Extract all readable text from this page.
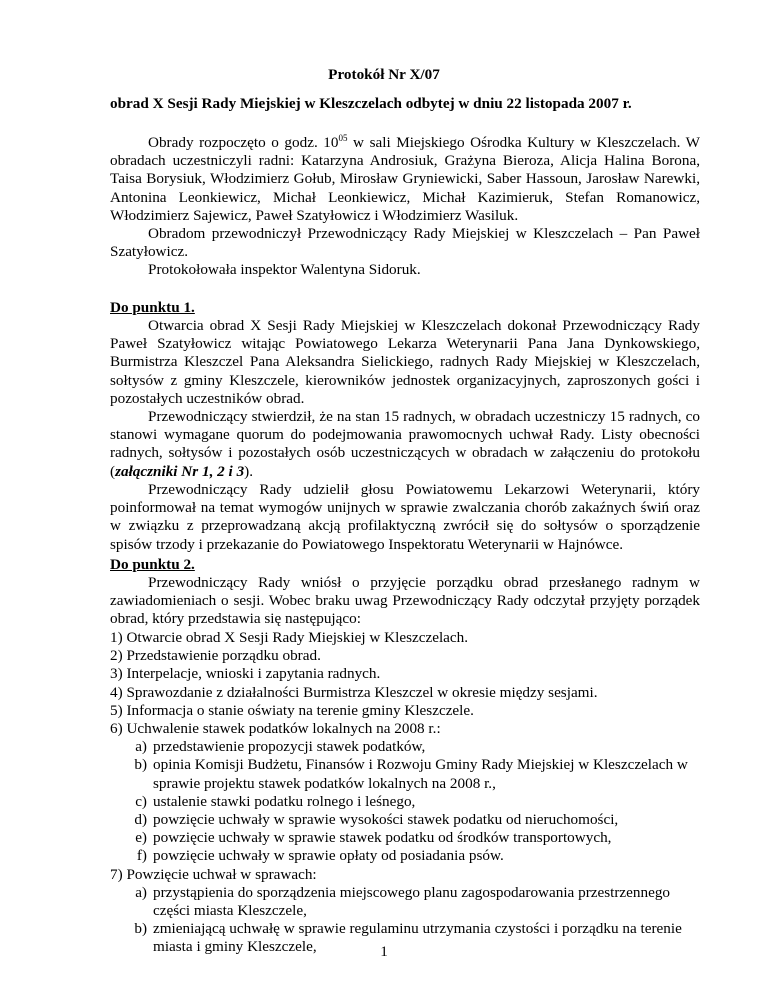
Protokół Nr X/07
obrad X Sesji Rady Miejskiej w Kleszczelach odbytej w dniu 22 listopada 2007 r.
Obrady rozpoczęto o godz. $10^{05}$ w sali Miejskiego Ośrodka Kultury w Kleszczelach. W obradach uczestniczyli radni: Katarzyna Androsiuk, Grażyna Bieroza, Alicja Halina Borona, Taisa Borysiuk, Włodzimierz Gołub, Mirosław Gryniewicki, Saber Hassoun, Jarosław Narewki, Antonina Leonkiewicz, Michał Leonkiewicz, Michał Kazimieruk, Stefan Romanowicz, Włodzimierz Sajewicz, Paweł Szatyłowicz i Włodzimierz Wasiluk.
Obradom przewodniczył Przewodniczący Rady Miejskiej w Kleszczelach – Pan Paweł Szatyłowicz.
Protokołowała inspektor Walentyna Sidoruk.
Do punktu 1.
Otwarcia obrad X Sesji Rady Miejskiej w Kleszczelach dokonał Przewodniczący Rady Paweł Szatyłowicz witając Powiatowego Lekarza Weterynarii Pana Jana Dynkowskiego, Burmistrza Kleszczel Pana Aleksandra Sielickiego, radnych Rady Miejskiej w Kleszczelach, sołtysów z gminy Kleszczele, kierowników jednostek organizacyjnych, zaproszonych gości i pozostałych uczestników obrad.
Przewodniczący stwierdził, że na stan 15 radnych, w obradach uczestniczy 15 radnych, co stanowi wymagane quorum do podejmowania prawomocnych uchwał Rady. Listy obecności radnych, sołtysów i pozostałych osób uczestniczących w obradach w załączeniu do protokołu (załączniki Nr 1, 2 i 3).
Przewodniczący Rady udzielił głosu Powiatowemu Lekarzowi Weterynarii, który poinformował na temat wymogów unijnych w sprawie zwalczania chorób zakaźnych świń oraz w związku z przeprowadzaną akcją profilaktyczną zwrócił się do sołtysów o sporządzenie spisów trzody i przekazanie do Powiatowego Inspektoratu Weterynarii w Hajnówce.
Do punktu 2.
Przewodniczący Rady wniósł o przyjęcie porządku obrad przesłanego radnym w zawiadomieniach o sesji. Wobec braku uwag Przewodniczący Rady odczytał przyjęty porządek obrad, który przedstawia się następująco:
1) Otwarcie obrad X Sesji Rady Miejskiej w Kleszczelach.
2) Przedstawienie porządku obrad.
3) Interpelacje, wnioski i zapytania radnych.
4) Sprawozdanie z działalności Burmistrza Kleszczel w okresie między sesjami.
5) Informacja o stanie oświaty na terenie gminy Kleszczele.
6) Uchwalenie stawek podatków lokalnych na 2008 r.:
a) przedstawienie propozycji stawek podatków,
b) opinia Komisji Budżetu, Finansów i Rozwoju Gminy Rady Miejskiej w Kleszczelach w sprawie projektu stawek podatków lokalnych na 2008 r.,
c) ustalenie stawki podatku rolnego i leśnego,
d) powzięcie uchwały w sprawie wysokości stawek podatku od nieruchomości,
e) powzięcie uchwały w sprawie stawek podatku od środków transportowych,
f) powzięcie uchwały w sprawie opłaty od posiadania psów.
7) Powzięcie uchwał w sprawach:
a) przystąpienia do sporządzenia miejscowego planu zagospodarowania przestrzennego części miasta Kleszczele,
b) zmieniającą uchwałę w sprawie regulaminu utrzymania czystości i porządku na terenie miasta i gminy Kleszczele,	1
